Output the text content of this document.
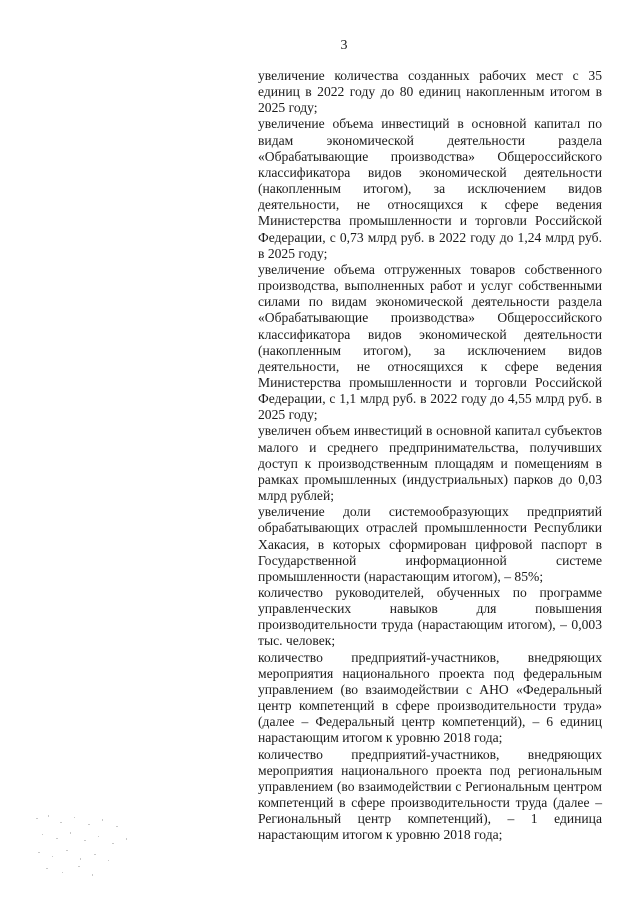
3

увеличение количества созданных рабочих мест с 35 единиц в 2022 году до 80 единиц накопленным итогом в 2025 году;

увеличение объема инвестиций в основной капитал по видам экономической деятельности раздела «Обрабатывающие производства» Общероссийского классификатора видов экономической деятельности (накопленным итогом), за исключением видов деятельности, не относящихся к сфере ведения Министерства промышленности и торговли Российской Федерации, с 0,73 млрд руб. в 2022 году до 1,24 млрд руб. в 2025 году;

увеличение объема отгруженных товаров собственного производства, выполненных работ и услуг собственными силами по видам экономической деятельности раздела «Обрабатывающие производства» Общероссийского классификатора видов экономической деятельности (накопленным итогом), за исключением видов деятельности, не относящихся к сфере ведения Министерства промышленности и торговли Российской Федерации, с 1,1 млрд руб. в 2022 году до 4,55 млрд руб. в 2025 году;

увеличен объем инвестиций в основной капитал субъектов малого и среднего предпринимательства, получивших доступ к производственным площадям и помещениям в рамках промышленных (индустриальных) парков до 0,03 млрд рублей;

увеличение доли системообразующих предприятий обрабатывающих отраслей промышленности Республики Хакасия, в которых сформирован цифровой паспорт в Государственной информационной системе промышленности (нарастающим итогом), – 85%;

количество руководителей, обученных по программе управленческих навыков для повышения производительности труда (нарастающим итогом), – 0,003 тыс. человек;

количество предприятий-участников, внедряющих мероприятия национального проекта под федеральным управлением (во взаимодействии с АНО «Федеральный центр компетенций в сфере производительности труда» (далее – Федеральный центр компетенций), – 6 единиц нарастающим итогом к уровню 2018 года;

количество предприятий-участников, внедряющих мероприятия национального проекта под региональным управлением (во взаимодействии с Региональным центром компетенций в сфере производительности труда (далее – Региональный центр компетенций), – 1 единица нарастающим итогом к уровню 2018 года;
